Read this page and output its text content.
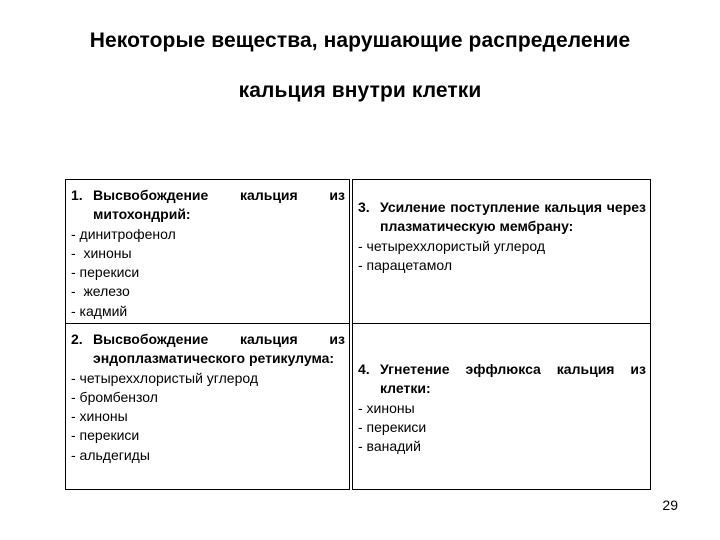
Некоторые вещества, нарушающие распределение
кальция внутри клетки
1. Высвобождение кальция из митохондрий:
- динитрофенол
-  хиноны
- перекиси
-  железо
- кадмий
2. Высвобождение кальция из эндоплазматического ретикулума:
- четыреххлористый углерод
- бромбензол
- хиноны
- перекиси
- альдегиды
3. Усиление поступление кальция через плазматическую мембрану:
- четыреххлористый углерод
- парацетамол
4. Угнетение эффлюкса кальция из клетки:
- хиноны
- перекиси
- ванадий
29
